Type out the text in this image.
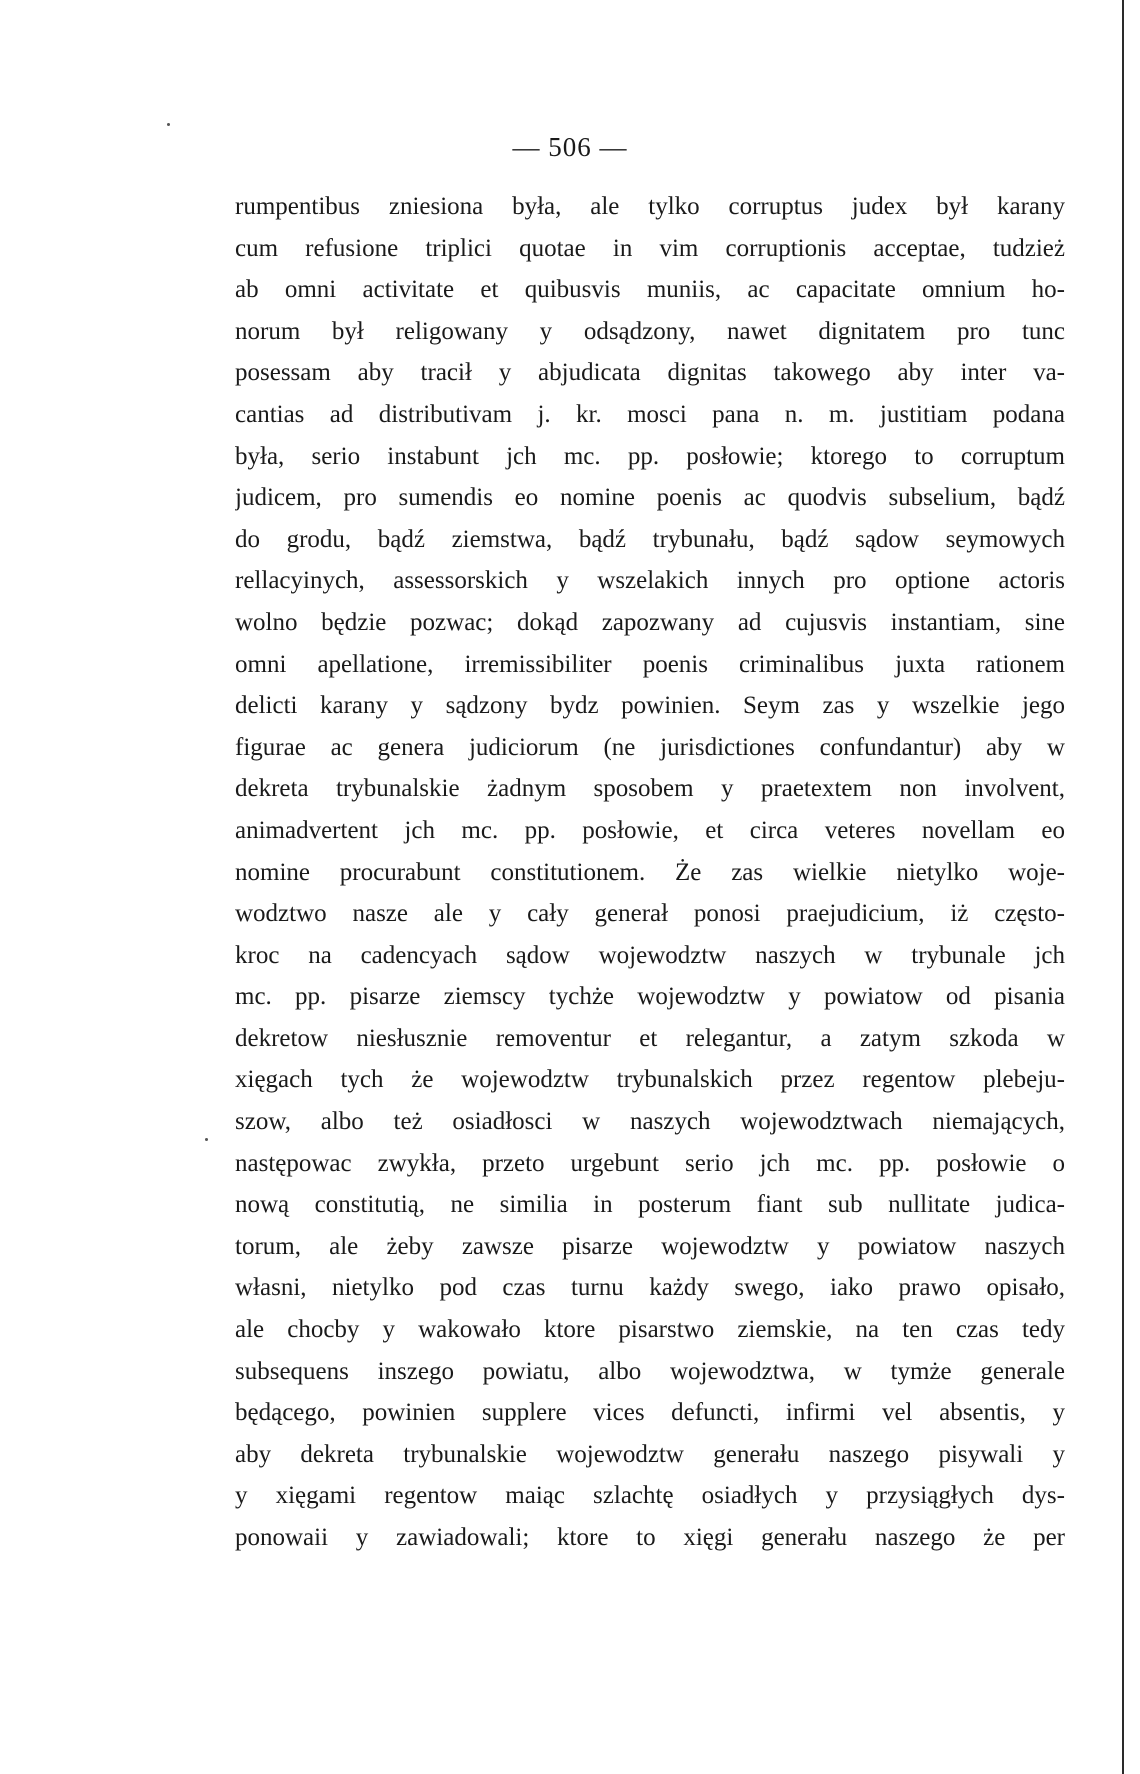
— 506 —
rumpentibus zniesiona była, ale tylko corruptus judex był karany
cum refusione triplici quotae in vim corruptionis acceptae, tudzież
ab omni activitate et quibusvis muniis, ac capacitate omnium ho-
norum był religowany y odsądzony, nawet dignitatem pro tunc
posessam aby tracił y abjudicata dignitas takowego aby inter va-
cantias ad distributivam j. kr. mosci pana n. m. justitiam podana
była, serio instabunt jch mc. pp. posłowie; ktorego to corruptum
judicem, pro sumendis eo nomine poenis ac quodvis subselium, bądź
do grodu, bądź ziemstwa, bądź trybunału, bądź sądow seymowych
rellacyinych, assessorskich y wszelakich innych pro optione actoris
wolno będzie pozwac; dokąd zapozwany ad cujusvis instantiam, sine
omni apellatione, irremissibiliter poenis criminalibus juxta rationem
delicti karany y sądzony bydz powinien. Seym zas y wszelkie jego
figurae ac genera judiciorum (ne jurisdictiones confundantur) aby w
dekreta trybunalskie żadnym sposobem y praetextem non involvent,
animadvertent jch mc. pp. posłowie, et circa veteres novellam eo
nomine procurabunt constitutionem. Że zas wielkie nietylko woje-
wodztwo nasze ale y cały generał ponosi praejudicium, iż często-
kroc na cadencyach sądow wojewodztw naszych w trybunale jch
mc. pp. pisarze ziemscy tychże wojewodztw y powiatow od pisania
dekretow niesłusznie removentur et relegantur, a zatym szkoda w
xięgach tych że wojewodztw trybunalskich przez regentow plebeju-
szow, albo też osiadłosci w naszych wojewodztwach niemających,
następowac zwykła, przeto urgebunt serio jch mc. pp. posłowie o
nową constitutią, ne similia in posterum fiant sub nullitate judica-
torum, ale żeby zawsze pisarze wojewodztw y powiatow naszych
własni, nietylko pod czas turnu każdy swego, iako prawo opisało,
ale chocby y wakowało ktore pisarstwo ziemskie, na ten czas tedy
subsequens inszego powiatu, albo wojewodztwa, w tymże generale
będącego, powinien supplere vices defuncti, infirmi vel absentis, y
aby dekreta trybunalskie wojewodztw generału naszego pisywali y
y xięgami regentow maiąc szlachtę osiadłych y przysiągłych dys-
ponowaii y zawiadowali; ktore to xięgi generału naszego że per
